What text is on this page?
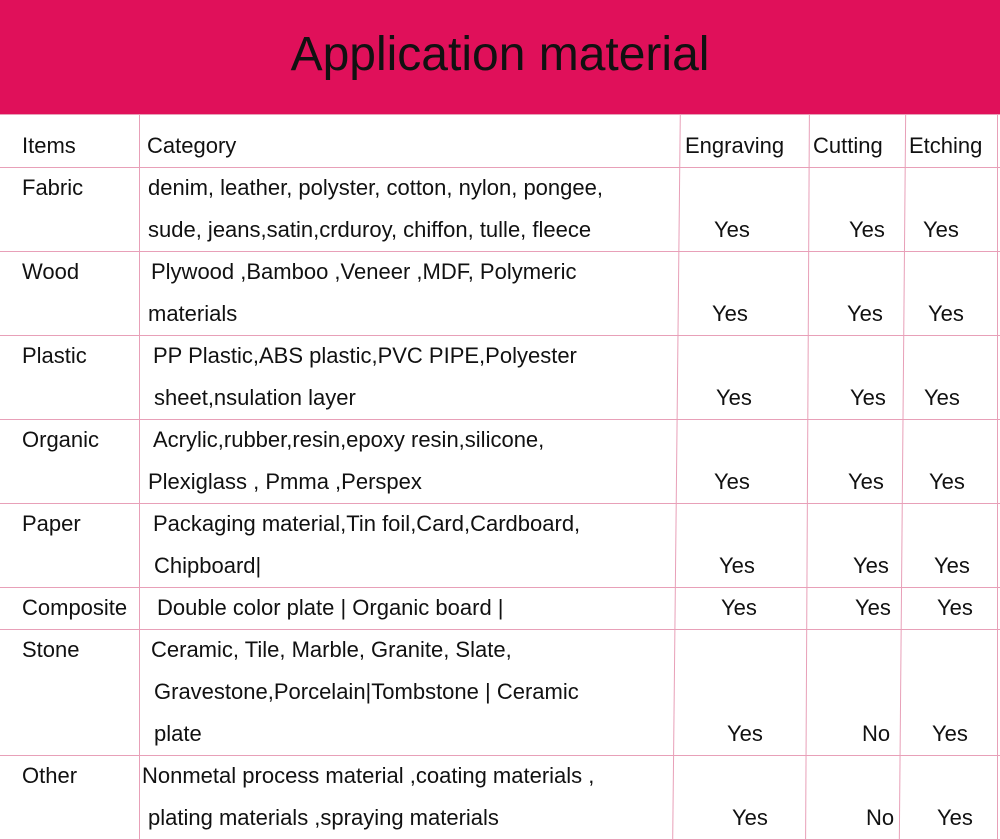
Application material
Items	Category	Engraving Cutting Etching
Fabric	denim, leather, polyster, cotton, nylon, pongee,
sude, jeans,satin,crduroy, chiffon, tulle, fleece	Yes	Yes Yes
Wood	Plywood ,Bamboo ,Veneer ,MDF, Polymeric
materials	Yes	Yes Yes
Plastic	PP Plastic,ABS plastic,PVC PIPE,Polyester
sheet,nsulation layer	Yes	Yes Yes
Organic Acrylic,rubber,resin,epoxy resin,silicone,
Plexiglass , Pmma ,Perspex	Yes	Yes Yes
Paper	Packaging material,Tin foil,Card,Cardboard,
Chipboard|	Yes	Yes Yes
Composite Double color plate | Organic board |	Yes	Yes Yes
Stone	Ceramic, Tile, Marble, Granite, Slate,
Gravestone,Porcelain|Tombstone | Ceramic
plate	Yes	No Yes
Other	Nonmetal process material ,coating materials ,
plating materials ,spraying materials	Yes	No Yes
